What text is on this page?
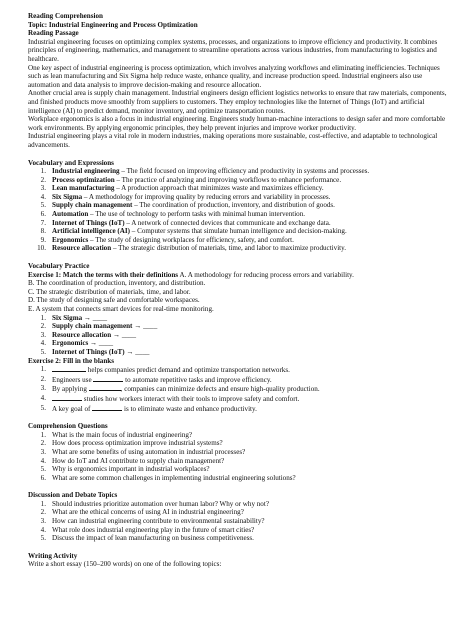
Reading Comprehension

Topic: Industrial Engineering and Process Optimization

Reading Passage

Industrial engineering focuses on optimizing complex systems, processes, and organizations to improve efficiency and productivity. It combines principles of engineering, mathematics, and management to streamline operations across various industries, from manufacturing to logistics and healthcare.

One key aspect of industrial engineering is process optimization, which involves analyzing workflows and eliminating inefficiencies. Techniques such as lean manufacturing and Six Sigma help reduce waste, enhance quality, and increase production speed. Industrial engineers also use automation and data analysis to improve decision-making and resource allocation.

Another crucial area is supply chain management. Industrial engineers design efficient logistics networks to ensure that raw materials, components, and finished products move smoothly from suppliers to customers. They employ technologies like the Internet of Things (IoT) and artificial intelligence (AI) to predict demand, monitor inventory, and optimize transportation routes.

Workplace ergonomics is also a focus in industrial engineering. Engineers study human-machine interactions to design safer and more comfortable work environments. By applying ergonomic principles, they help prevent injuries and improve worker productivity.

Industrial engineering plays a vital role in modern industries, making operations more sustainable, cost-effective, and adaptable to technological advancements.

Vocabulary and Expressions

1. Industrial engineering – The field focused on improving efficiency and productivity in systems and processes.
2. Process optimization – The practice of analyzing and improving workflows to enhance performance.
3. Lean manufacturing – A production approach that minimizes waste and maximizes efficiency.
4. Six Sigma – A methodology for improving quality by reducing errors and variability in processes.
5. Supply chain management – The coordination of production, inventory, and distribution of goods.
6. Automation – The use of technology to perform tasks with minimal human intervention.
7. Internet of Things (IoT) – A network of connected devices that communicate and exchange data.
8. Artificial intelligence (AI) – Computer systems that simulate human intelligence and decision-making.
9. Ergonomics – The study of designing workplaces for efficiency, safety, and comfort.
10. Resource allocation – The strategic distribution of materials, time, and labor to maximize productivity.

Vocabulary Practice

Exercise 1: Match the terms with their definitions A. A methodology for reducing process errors and variability.

B. The coordination of production, inventory, and distribution.

C. The strategic distribution of materials, time, and labor.

D. The study of designing safe and comfortable workspaces.

E. A system that connects smart devices for real-time monitoring.

1. Six Sigma → ____
2. Supply chain management → ____
3. Resource allocation → ____
4. Ergonomics → ____
5. Internet of Things (IoT) → ____

Exercise 2: Fill in the blanks

1.	helps companies predict demand and optimize transportation networks.
2. Engineers use	to automate repetitive tasks and improve efficiency.
3. By applying	, companies can minimize defects and ensure high-quality production.
4.	studies how workers interact with their tools to improve safety and comfort.
5. A key goal of	is to eliminate waste and enhance productivity.

Comprehension Questions

1. What is the main focus of industrial engineering?
2. How does process optimization improve industrial systems?
3. What are some benefits of using automation in industrial processes?
4. How do IoT and AI contribute to supply chain management?
5. Why is ergonomics important in industrial workplaces?
6. What are some common challenges in implementing industrial engineering solutions?

Discussion and Debate Topics

1. Should industries prioritize automation over human labor? Why or why not?
2. What are the ethical concerns of using AI in industrial engineering?
3. How can industrial engineering contribute to environmental sustainability?
4. What role does industrial engineering play in the future of smart cities?
5. Discuss the impact of lean manufacturing on business competitiveness.

Writing Activity

Write a short essay (150–200 words) on one of the following topics:
